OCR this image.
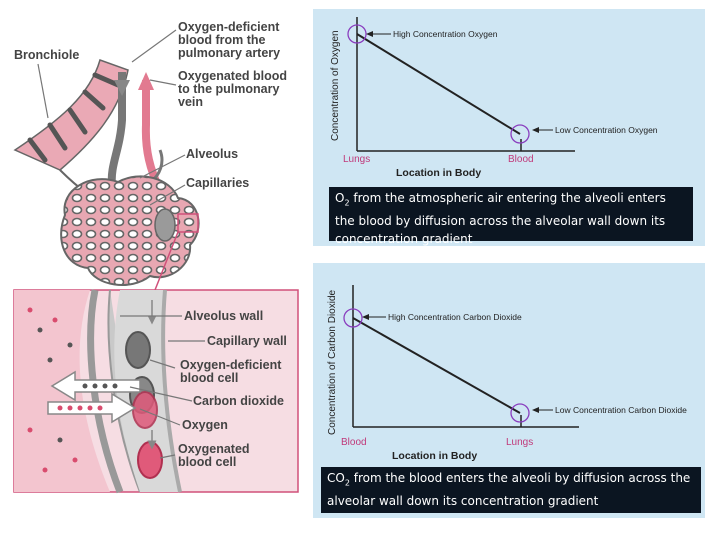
Bronchiole
Oxygen-deficient
blood from the
pulmonary artery
Oxygenated blood
to the pulmonary
vein
Alveolus
Capillaries
Alveolus wall
Capillary wall
Oxygen-deficient
blood cell
Carbon dioxide
Oxygen
Oxygenated
blood cell
Concentration of Oxygen	High Concentration Oxygen
Low Concentration Oxygen
Lungs	Blood
Location in Body
$O_2$ from the atmospheric air entering the alveoli enters the blood by diffusion across the alveolar wall down its concentration gradient
Concentration of Carbon Dioxide	High Concentration Carbon Dioxide
Low Concentration Carbon Dioxide
Blood	Lungs
Location in Body
$CO_2$ from the blood enters the alveoli by diffusion across the alveolar wall down its concentration gradient
